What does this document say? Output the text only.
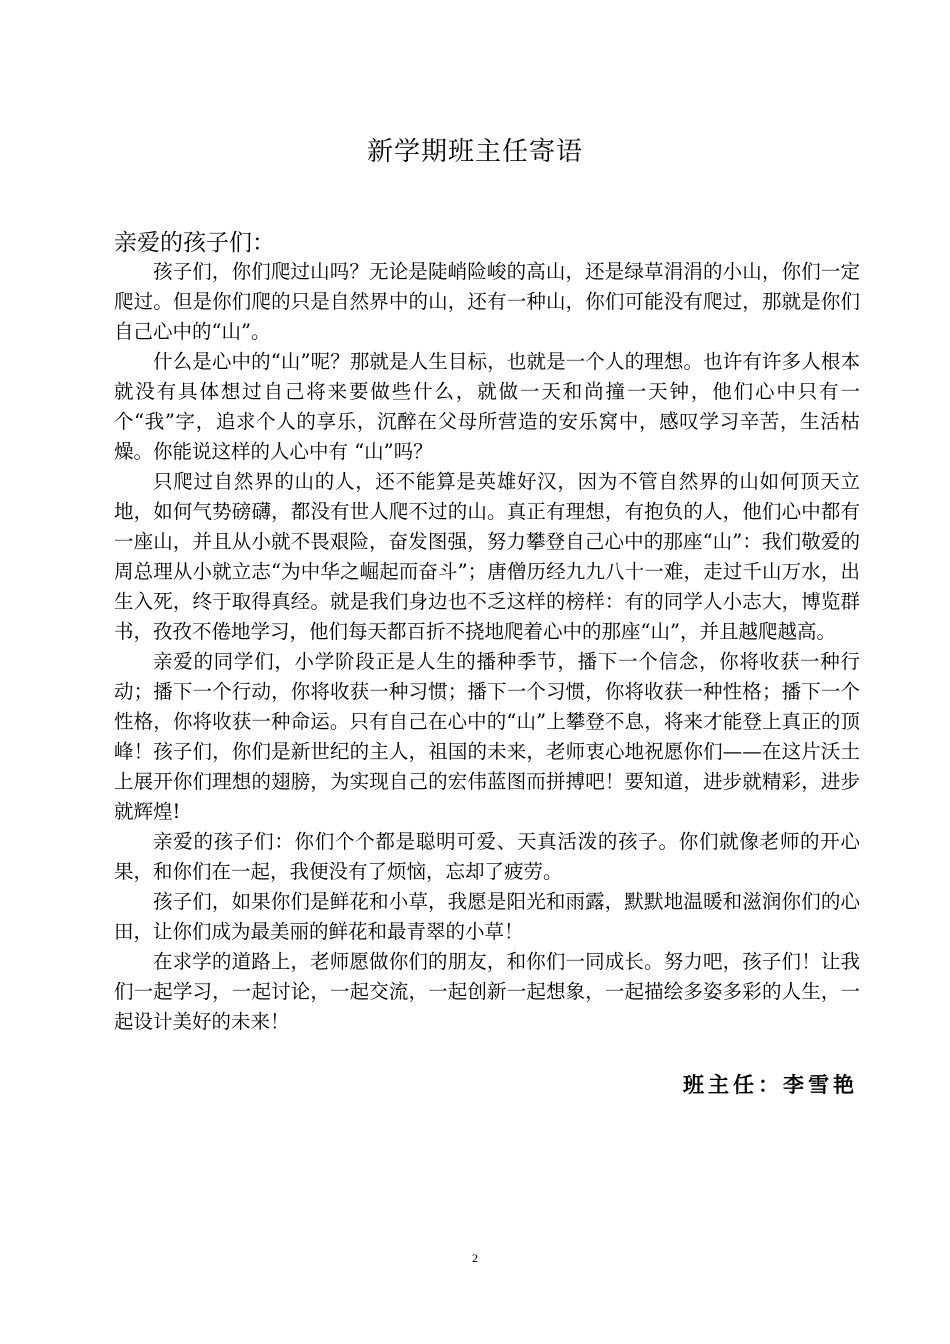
新学期班主任寄语

亲爱的孩子们：

孩子们，你们爬过山吗？无论是陡峭险峻的高山，还是绿草涓涓的小山，你们一定爬过。但是你们爬的只是自然界中的山，还有一种山，你们可能没有爬过，那就是你们自己心中的“山”。

什么是心中的“山”呢？那就是人生目标，也就是一个人的理想。也许有许多人根本就没有具体想过自己将来要做些什么，就做一天和尚撞一天钟，他们心中只有一个“我”字，追求个人的享乐，沉醉在父母所营造的安乐窝中，感叹学习辛苦，生活枯燥。你能说这样的人心中有 “山”吗？

只爬过自然界的山的人，还不能算是英雄好汉，因为不管自然界的山如何顶天立地，如何气势磅礴，都没有世人爬不过的山。真正有理想，有抱负的人，他们心中都有一座山，并且从小就不畏艰险，奋发图强，努力攀登自己心中的那座“山”：我们敬爱的周总理从小就立志“为中华之崛起而奋斗”；唐僧历经九九八十一难，走过千山万水，出生入死，终于取得真经。就是我们身边也不乏这样的榜样：有的同学人小志大，博览群书，孜孜不倦地学习，他们每天都百折不挠地爬着心中的那座“山”，并且越爬越高。

亲爱的同学们，小学阶段正是人生的播种季节，播下一个信念，你将收获一种行动；播下一个行动，你将收获一种习惯；播下一个习惯，你将收获一种性格；播下一个性格，你将收获一种命运。只有自己在心中的“山”上攀登不息，将来才能登上真正的顶峰！孩子们，你们是新世纪的主人，祖国的未来，老师衷心地祝愿你们——在这片沃土上展开你们理想的翅膀，为实现自己的宏伟蓝图而拼搏吧！要知道，进步就精彩，进步就辉煌!

亲爱的孩子们：你们个个都是聪明可爱、天真活泼的孩子。你们就像老师的开心果，和你们在一起，我便没有了烦恼，忘却了疲劳。

孩子们，如果你们是鲜花和小草，我愿是阳光和雨露，默默地温暖和滋润你们的心田，让你们成为最美丽的鲜花和最青翠的小草！

在求学的道路上，老师愿做你们的朋友，和你们一同成长。努力吧，孩子们！让我们一起学习，一起讨论，一起交流，一起创新一起想象，一起描绘多姿多彩的人生，一起设计美好的未来！

班主任：李雪艳
2
